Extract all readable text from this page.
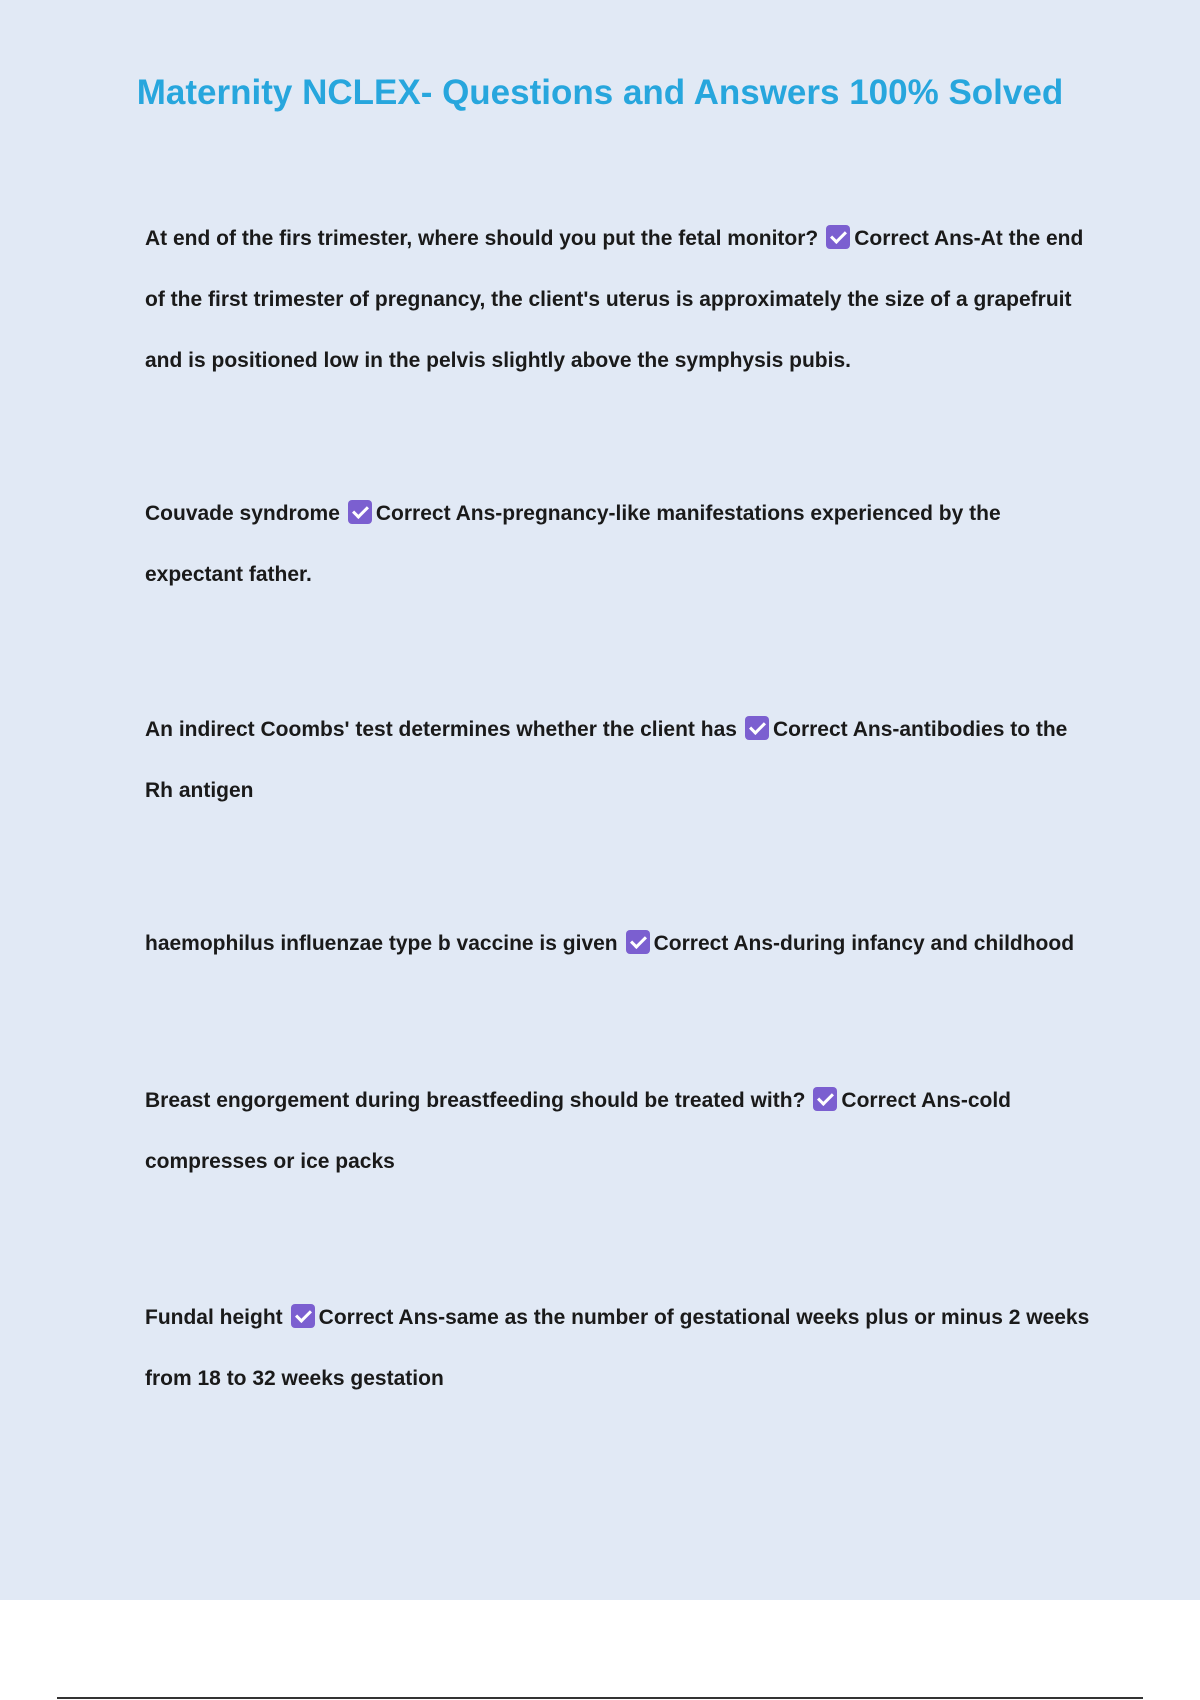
Maternity NCLEX- Questions and Answers 100% Solved

At end of the firs trimester, where should you put the fetal monitor? Correct Ans-At the end of the first trimester of pregnancy, the client's uterus is approximately the size of a grapefruit and is positioned low in the pelvis slightly above the symphysis pubis.

Couvade syndrome Correct Ans-pregnancy-like manifestations experienced by the expectant father.

An indirect Coombs' test determines whether the client has Correct Ans-antibodies to the Rh antigen

haemophilus influenzae type b vaccine is given Correct Ans-during infancy and childhood

Breast engorgement during breastfeeding should be treated with? Correct Ans-cold compresses or ice packs

Fundal height Correct Ans-same as the number of gestational weeks plus or minus 2 weeks from 18 to 32 weeks gestation
